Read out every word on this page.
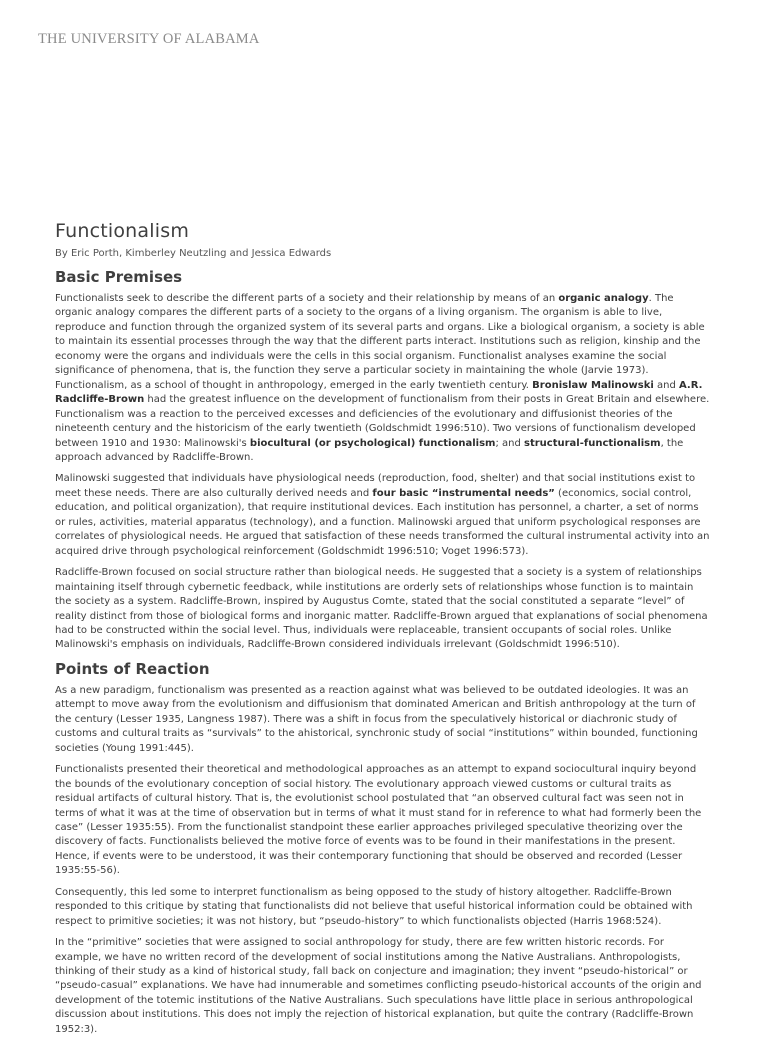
THE UNIVERSITY OF ALABAMA
Functionalism
By Eric Porth, Kimberley Neutzling and Jessica Edwards
Basic Premises

Functionalists seek to describe the different parts of a society and their relationship by means of an organic analogy. The organic analogy compares the different parts of a society to the organs of a living organism. The organism is able to live, reproduce and function through the organized system of its several parts and organs. Like a biological organism, a society is able to maintain its essential processes through the way that the different parts interact. Institutions such as religion, kinship and the economy were the organs and individuals were the cells in this social organism. Functionalist analyses examine the social significance of phenomena, that is, the function they serve a particular society in maintaining the whole (Jarvie 1973). Functionalism, as a school of thought in anthropology, emerged in the early twentieth century. Bronislaw Malinowski and A.R. Radcliffe-Brown had the greatest influence on the development of functionalism from their posts in Great Britain and elsewhere. Functionalism was a reaction to the perceived excesses and deficiencies of the evolutionary and diffusionist theories of the nineteenth century and the historicism of the early twentieth (Goldschmidt 1996:510). Two versions of functionalism developed between 1910 and 1930: Malinowski's biocultural (or psychological) functionalism; and structural-functionalism, the approach advanced by Radcliffe-Brown.

Malinowski suggested that individuals have physiological needs (reproduction, food, shelter) and that social institutions exist to meet these needs. There are also culturally derived needs and four basic “instrumental needs” (economics, social control, education, and political organization), that require institutional devices. Each institution has personnel, a charter, a set of norms or rules, activities, material apparatus (technology), and a function. Malinowski argued that uniform psychological responses are correlates of physiological needs. He argued that satisfaction of these needs transformed the cultural instrumental activity into an acquired drive through psychological reinforcement (Goldschmidt 1996:510; Voget 1996:573).

Radcliffe-Brown focused on social structure rather than biological needs. He suggested that a society is a system of relationships maintaining itself through cybernetic feedback, while institutions are orderly sets of relationships whose function is to maintain the society as a system. Radcliffe-Brown, inspired by Augustus Comte, stated that the social constituted a separate “level” of reality distinct from those of biological forms and inorganic matter. Radcliffe-Brown argued that explanations of social phenomena had to be constructed within the social level. Thus, individuals were replaceable, transient occupants of social roles. Unlike Malinowski's emphasis on individuals, Radcliffe-Brown considered individuals irrelevant (Goldschmidt 1996:510).

Points of Reaction

As a new paradigm, functionalism was presented as a reaction against what was believed to be outdated ideologies. It was an attempt to move away from the evolutionism and diffusionism that dominated American and British anthropology at the turn of the century (Lesser 1935, Langness 1987). There was a shift in focus from the speculatively historical or diachronic study of customs and cultural traits as “survivals” to the ahistorical, synchronic study of social “institutions” within bounded, functioning societies (Young 1991:445).

Functionalists presented their theoretical and methodological approaches as an attempt to expand sociocultural inquiry beyond the bounds of the evolutionary conception of social history. The evolutionary approach viewed customs or cultural traits as residual artifacts of cultural history. That is, the evolutionist school postulated that “an observed cultural fact was seen not in terms of what it was at the time of observation but in terms of what it must stand for in reference to what had formerly been the case” (Lesser 1935:55). From the functionalist standpoint these earlier approaches privileged speculative theorizing over the discovery of facts. Functionalists believed the motive force of events was to be found in their manifestations in the present. Hence, if events were to be understood, it was their contemporary functioning that should be observed and recorded (Lesser 1935:55-56).

Consequently, this led some to interpret functionalism as being opposed to the study of history altogether. Radcliffe-Brown responded to this critique by stating that functionalists did not believe that useful historical information could be obtained with respect to primitive societies; it was not history, but “pseudo-history” to which functionalists objected (Harris 1968:524).

In the “primitive” societies that were assigned to social anthropology for study, there are few written historic records. For example, we have no written record of the development of social institutions among the Native Australians. Anthropologists, thinking of their study as a kind of historical study, fall back on conjecture and imagination; they invent “pseudo-historical” or “pseudo-casual” explanations. We have had innumerable and sometimes conflicting pseudo-historical accounts of the origin and development of the totemic institutions of the Native Australians. Such speculations have little place in serious anthropological discussion about institutions. This does not imply the rejection of historical explanation, but quite the contrary (Radcliffe-Brown 1952:3).
